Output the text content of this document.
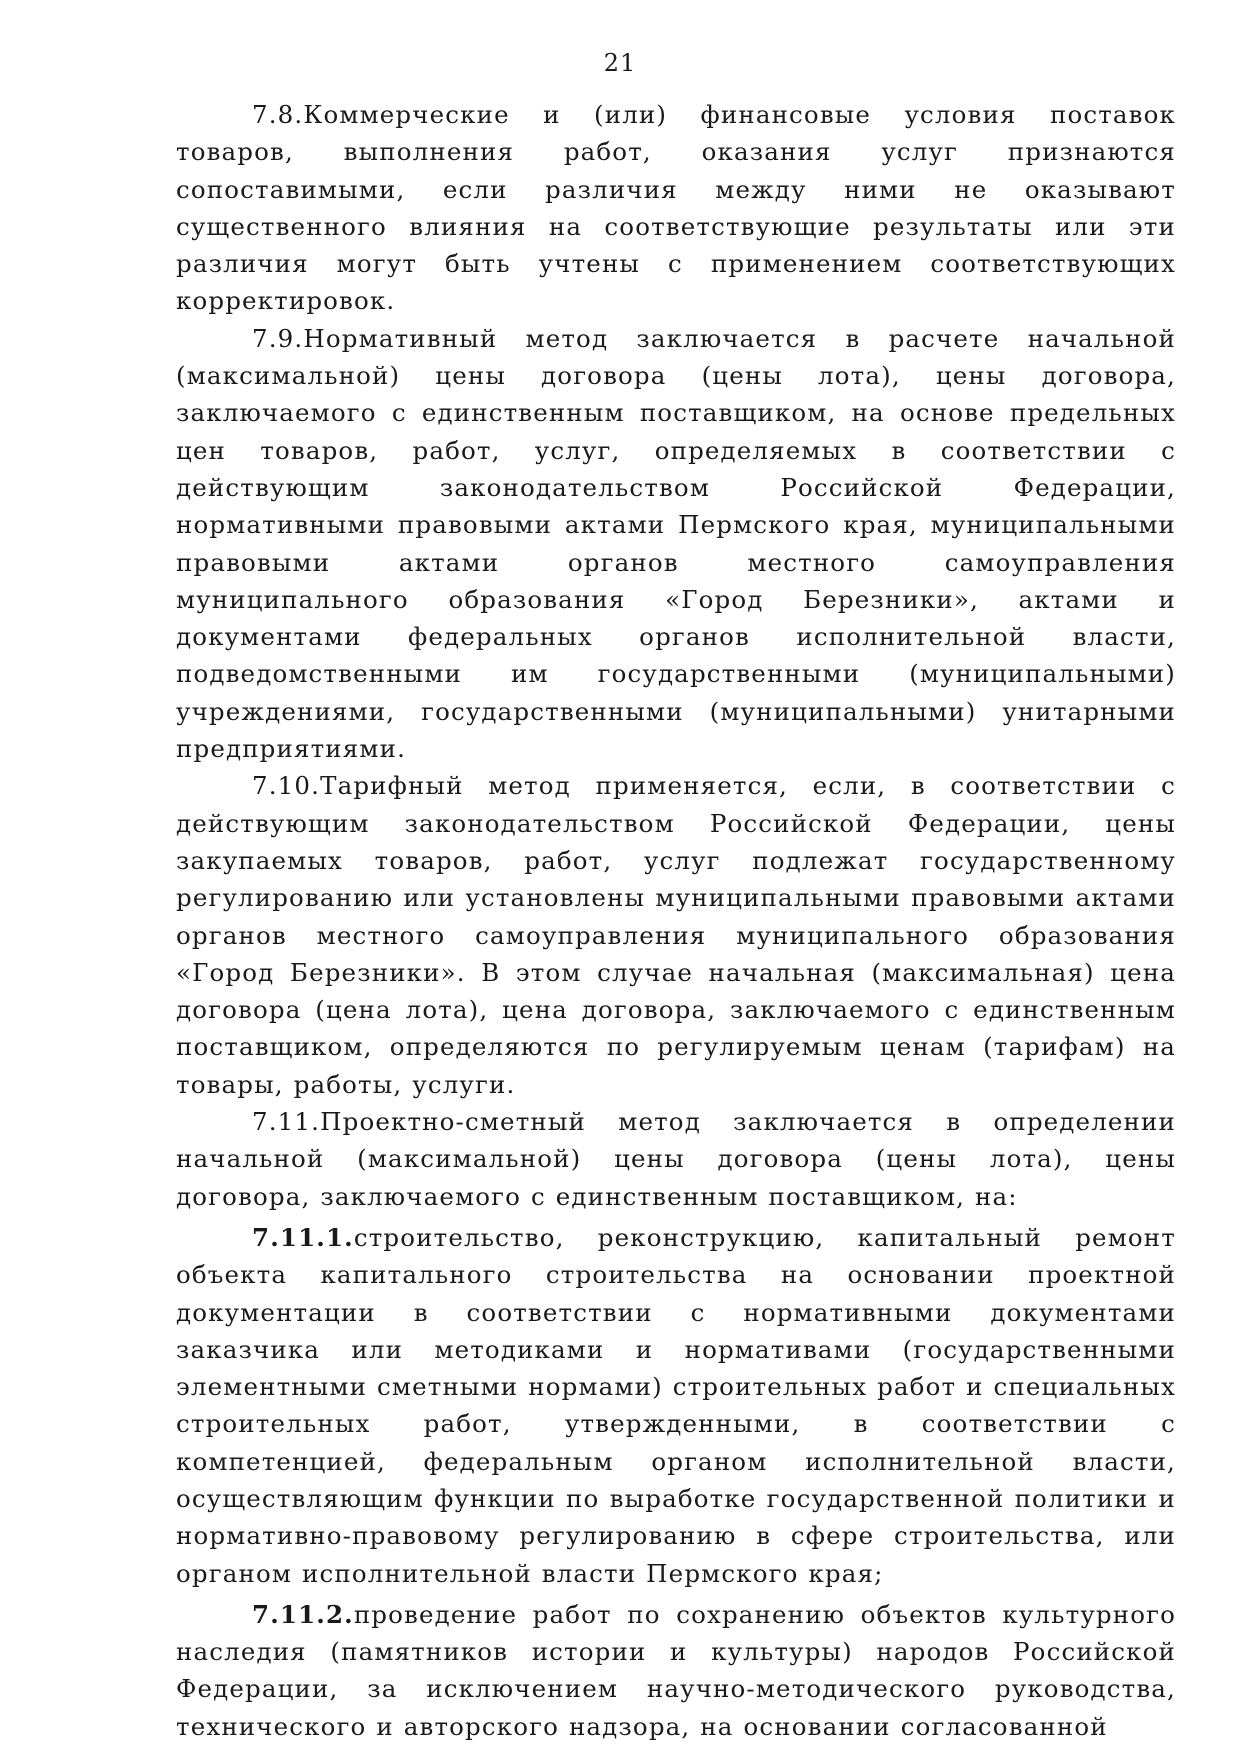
21

7.8.Коммерческие и (или) финансовые условия поставок товаров, выполнения работ, оказания услуг признаются сопоставимыми, если различия между ними не оказывают существенного влияния на соответствующие результаты или эти различия могут быть учтены с применением соответствующих корректировок.

7.9.Нормативный метод заключается в расчете начальной (максимальной) цены договора (цены лота), цены договора, заключаемого с единственным поставщиком, на основе предельных цен товаров, работ, услуг, определяемых в соответствии с действующим законодательством Российской Федерации, нормативными правовыми актами Пермского края, муниципальными правовыми актами органов местного самоуправления муниципального образования «Город Березники», актами и документами федеральных органов исполнительной власти, подведомственными им государственными (муниципальными) учреждениями, государственными (муниципальными) унитарными предприятиями.

7.10.Тарифный метод применяется, если, в соответствии с действующим законодательством Российской Федерации, цены закупаемых товаров, работ, услуг подлежат государственному регулированию или установлены муниципальными правовыми актами органов местного самоуправления муниципального образования «Город Березники». В этом случае начальная (максимальная) цена договора (цена лота), цена договора, заключаемого с единственным поставщиком, определяются по регулируемым ценам (тарифам) на товары, работы, услуги.

7.11.Проектно-сметный метод заключается в определении начальной (максимальной) цены договора (цены лота), цены договора, заключаемого с единственным поставщиком, на:

7.11.1.строительство, реконструкцию, капитальный ремонт объекта капитального строительства на основании проектной документации в соответствии с нормативными документами заказчика или методиками и нормативами (государственными элементными сметными нормами) строительных работ и специальных строительных работ, утвержденными, в соответствии с компетенцией, федеральным органом исполнительной власти, осуществляющим функции по выработке государственной политики и нормативно-правовому регулированию в сфере строительства, или органом исполнительной власти Пермского края;

7.11.2.проведение работ по сохранению объектов культурного наследия (памятников истории и культуры) народов Российской Федерации, за исключением научно-методического руководства, технического и авторского надзора, на основании согласованной
